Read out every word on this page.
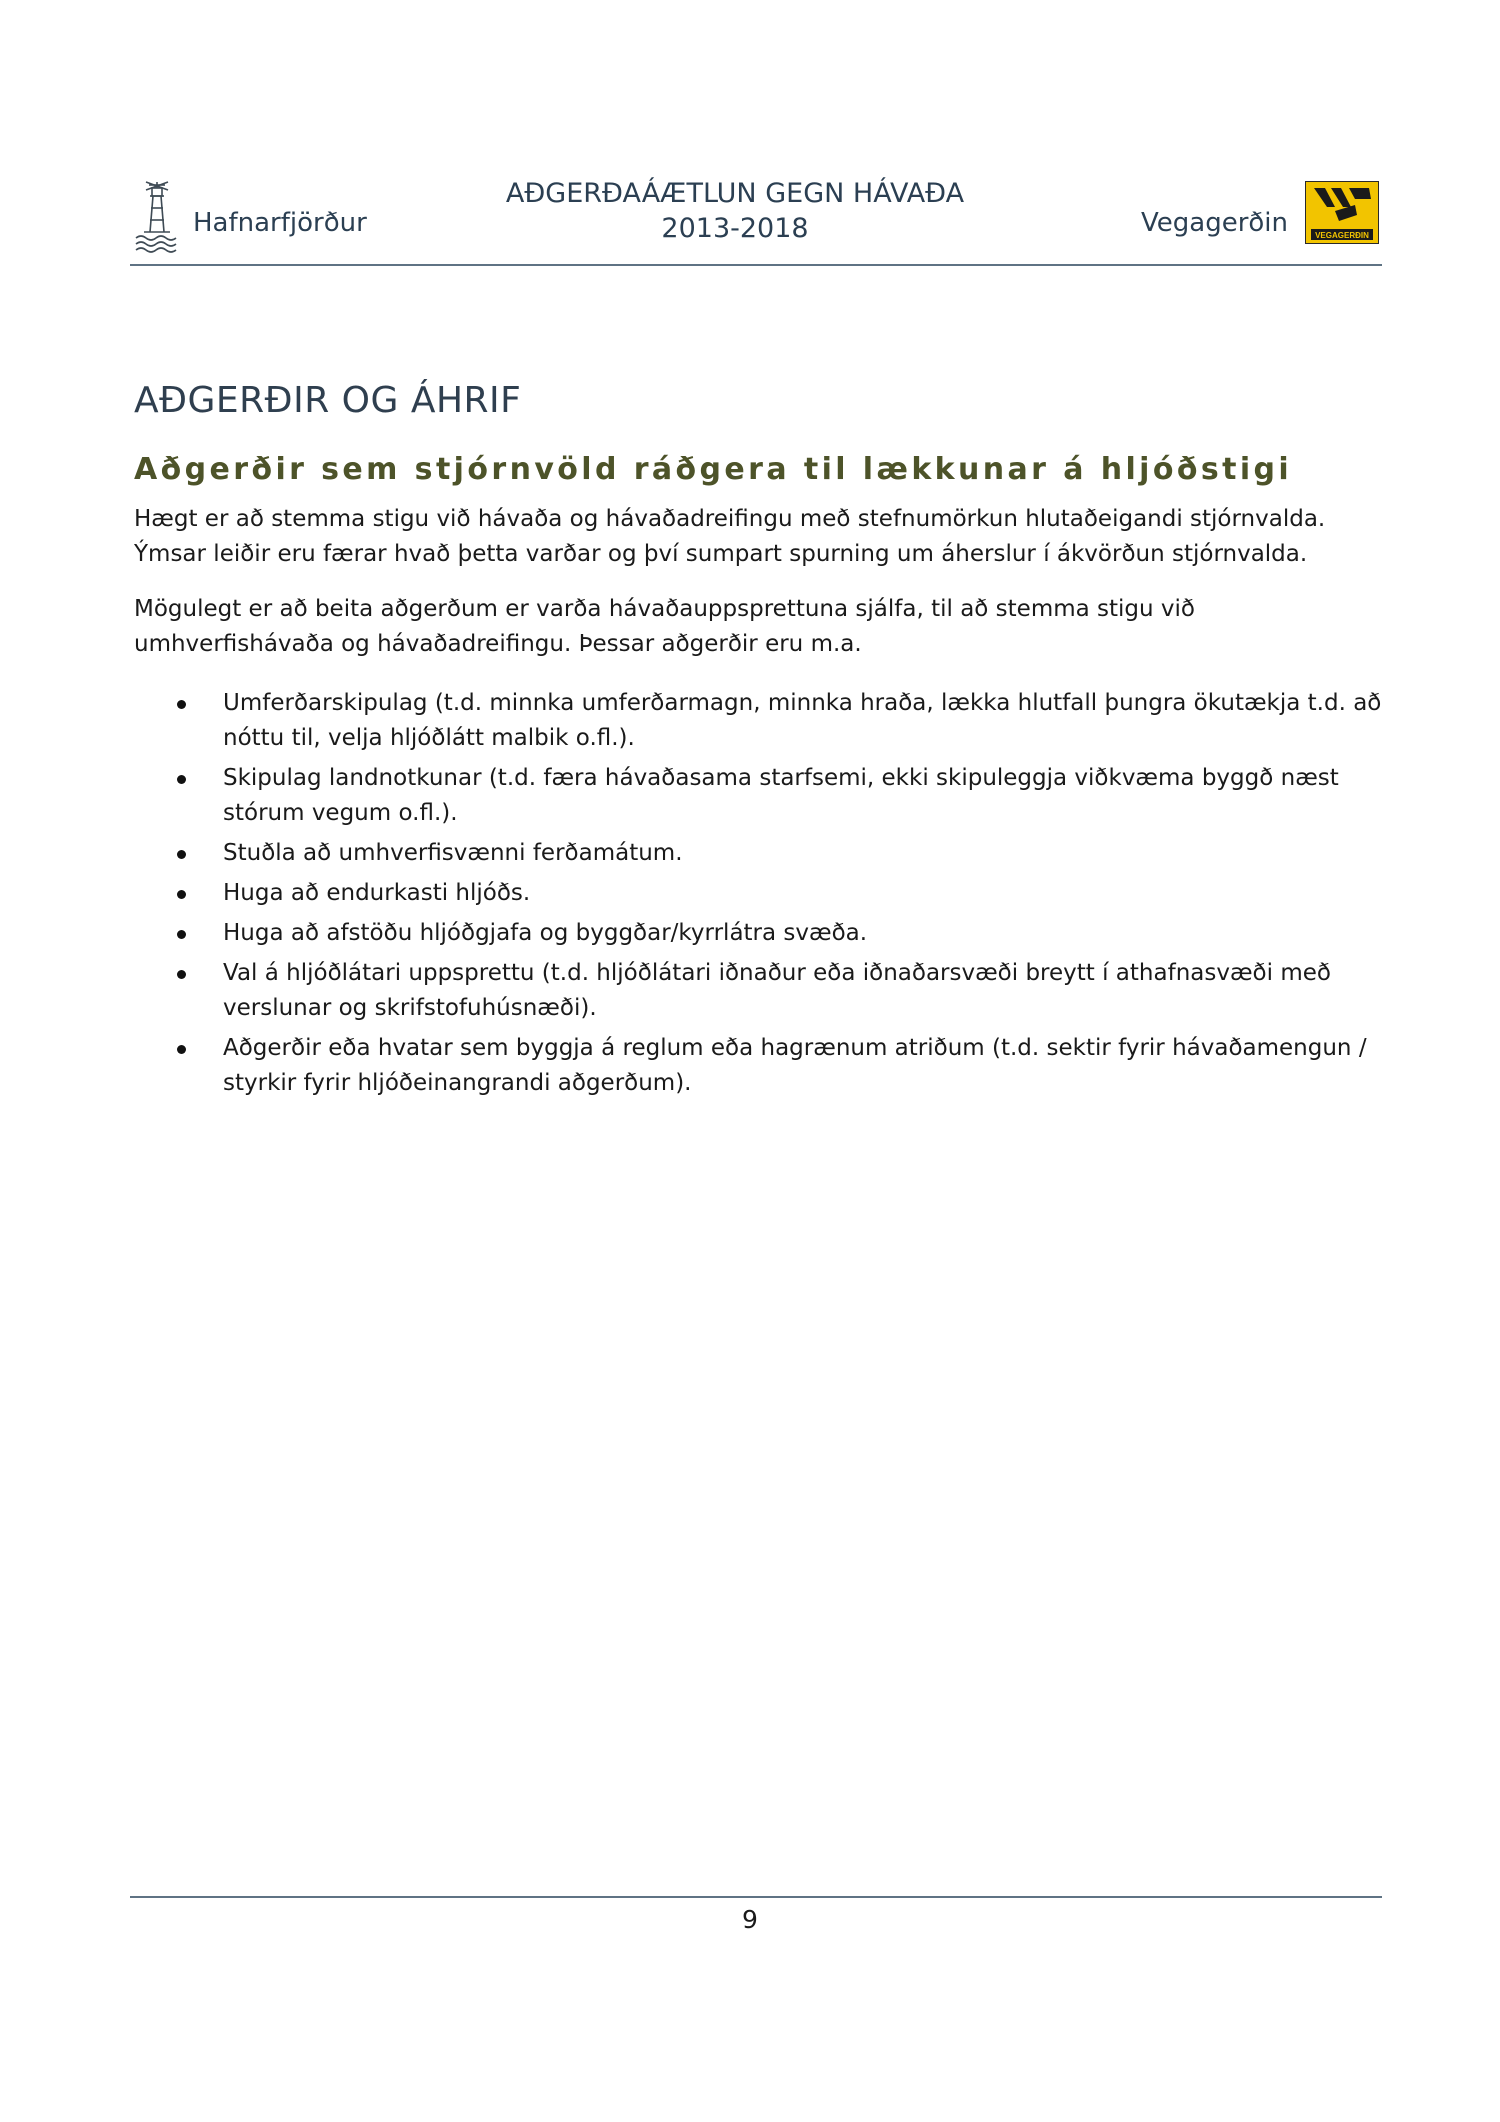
Hafnarfjörður
AÐGERÐAÁÆTLUN GEGN HÁVAÐA
2013-2018	Vegagerðin	VEGAGERÐIN
AÐGERÐIR OG ÁHRIF
Aðgerðir sem stjórnvöld ráðgera til lækkunar á hljóðstigi
Hægt er að stemma stigu við hávaða og hávaðadreifingu með stefnumörkun hlutaðeigandi stjórnvalda. Ýmsar leiðir eru færar hvað þetta varðar og því sumpart spurning um áherslur í ákvörðun stjórnvalda.
Mögulegt er að beita aðgerðum er varða hávaðauppsprettuna sjálfa, til að stemma stigu við umhverfishávaða og hávaðadreifingu. Þessar aðgerðir eru m.a.
Umferðarskipulag (t.d. minnka umferðarmagn, minnka hraða, lækka hlutfall þungra ökutækja t.d. að nóttu til, velja hljóðlátt malbik o.fl.).
Skipulag landnotkunar (t.d. færa hávaðasama starfsemi, ekki skipuleggja viðkvæma byggð næst stórum vegum o.fl.).
Stuðla að umhverfisvænni ferðamátum.
Huga að endurkasti hljóðs.
Huga að afstöðu hljóðgjafa og byggðar/kyrrlátra svæða.
Val á hljóðlátari uppsprettu (t.d. hljóðlátari iðnaður eða iðnaðarsvæði breytt í athafnasvæði með verslunar og skrifstofuhúsnæði).
Aðgerðir eða hvatar sem byggja á reglum eða hagrænum atriðum (t.d. sektir fyrir hávaðamengun / styrkir fyrir hljóðeinangrandi aðgerðum).
9
